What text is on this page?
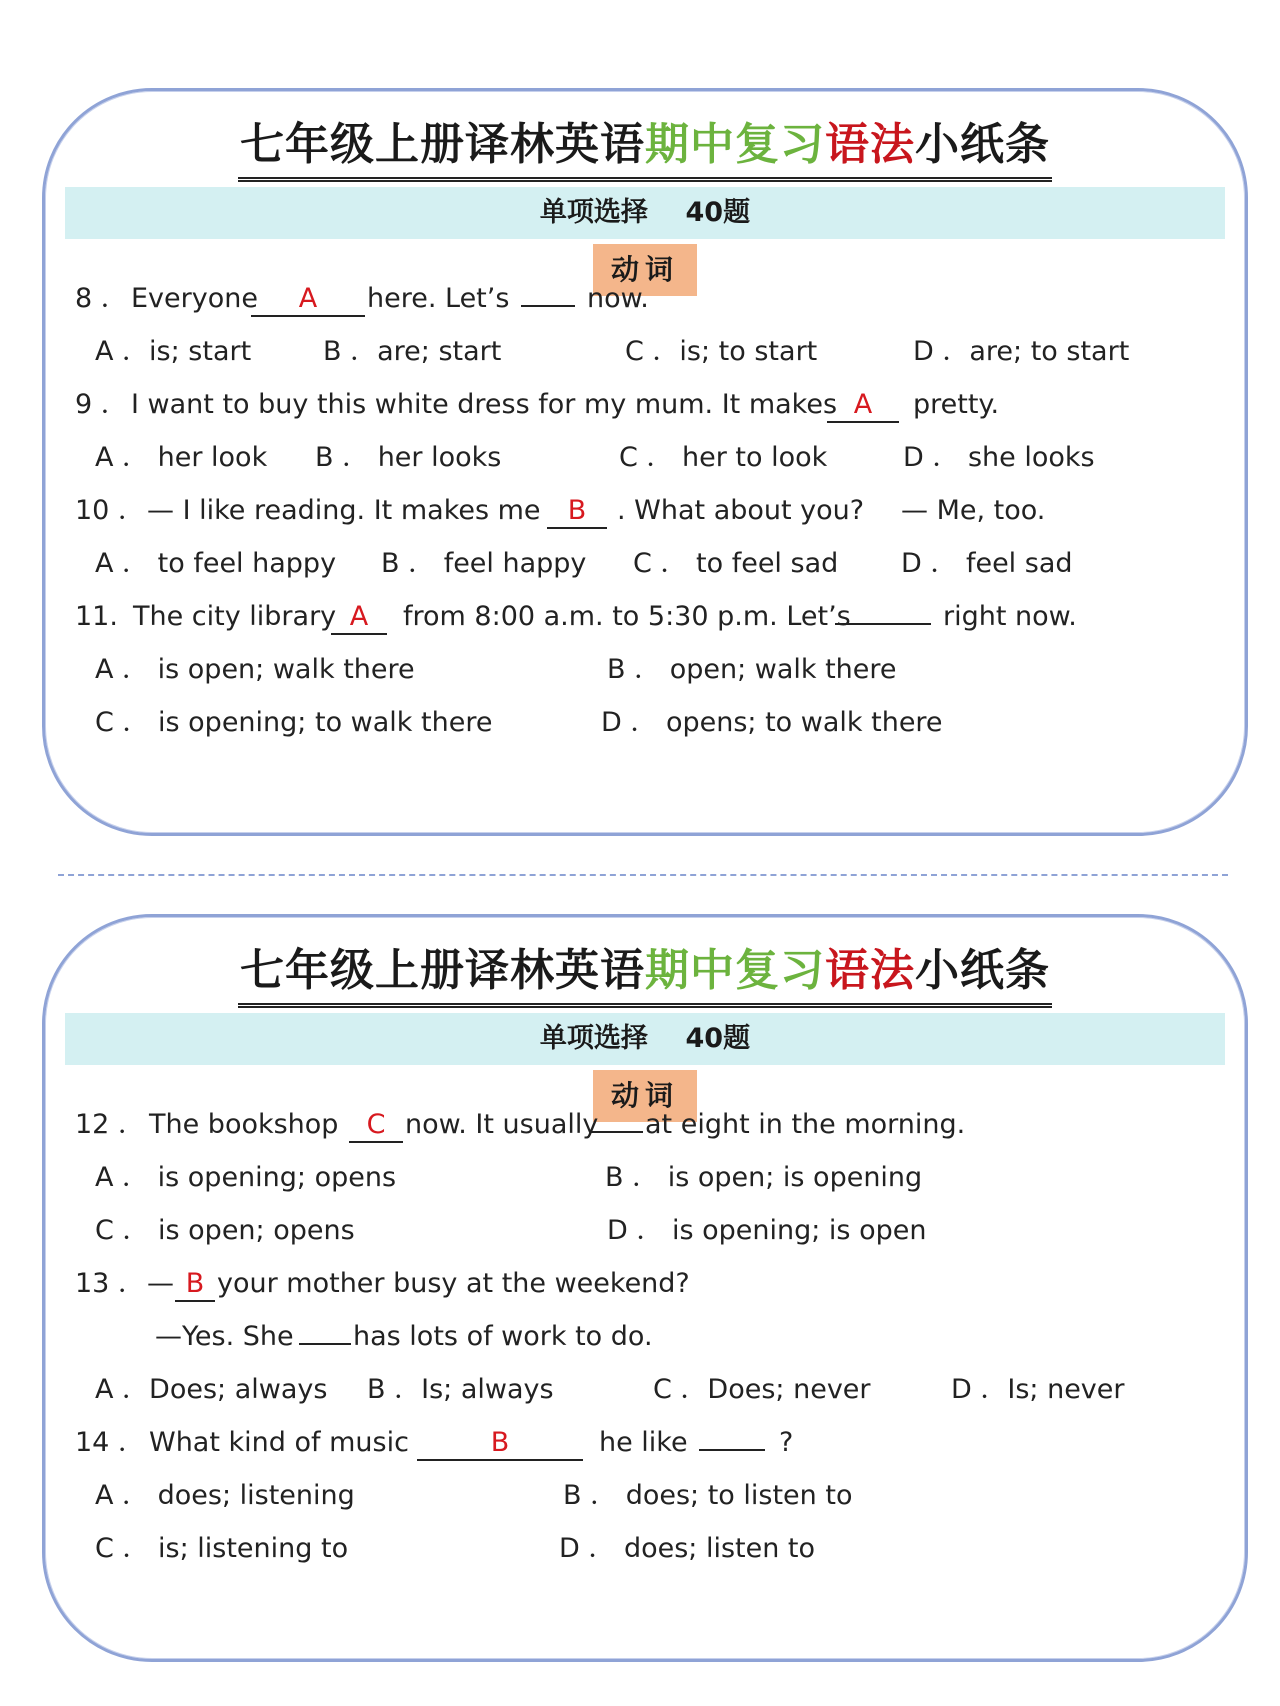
七年级上册译林英语期中复习语法小纸条
单项选择    40题
动词
8 ． Everyone	A	here. Let’s	now.
A ．is; start	B ．are; start	C ．is; to start	D ．are; to start
9 ． I want to buy this white dress for my mum. It makes A	pretty.
A ． her look B ． her looks	C ． her to look	D ． she looks
10 ． — I like reading. It makes me	B	. What about you? — Me, too.
A ． to feel happy B ． feel happy C ． to feel sad D ． feel sad
11. The city library A	from 8:00 a.m. to 5:30 p.m. Let’s	right now.
A ． is open; walk there	B ． open; walk there
C ． is opening; to walk there	D ． opens; to walk there
七年级上册译林英语期中复习语法小纸条
单项选择    40题
动词
12 ． The bookshop	C now. It usually at eight in the morning.
A ． is opening; opens	B ． is open; is opening
C ． is open; opens	D ． is opening; is open
13 ． — B your mother busy at the weekend?
—Yes. She has lots of work to do.
A ．Does; always B ．Is; always	C ．Does; never	D ．Is; never
14 ． What kind of music	B	he like	?
A ． does; listening	B ． does; to listen to
C ． is; listening to	D ． does; listen to
